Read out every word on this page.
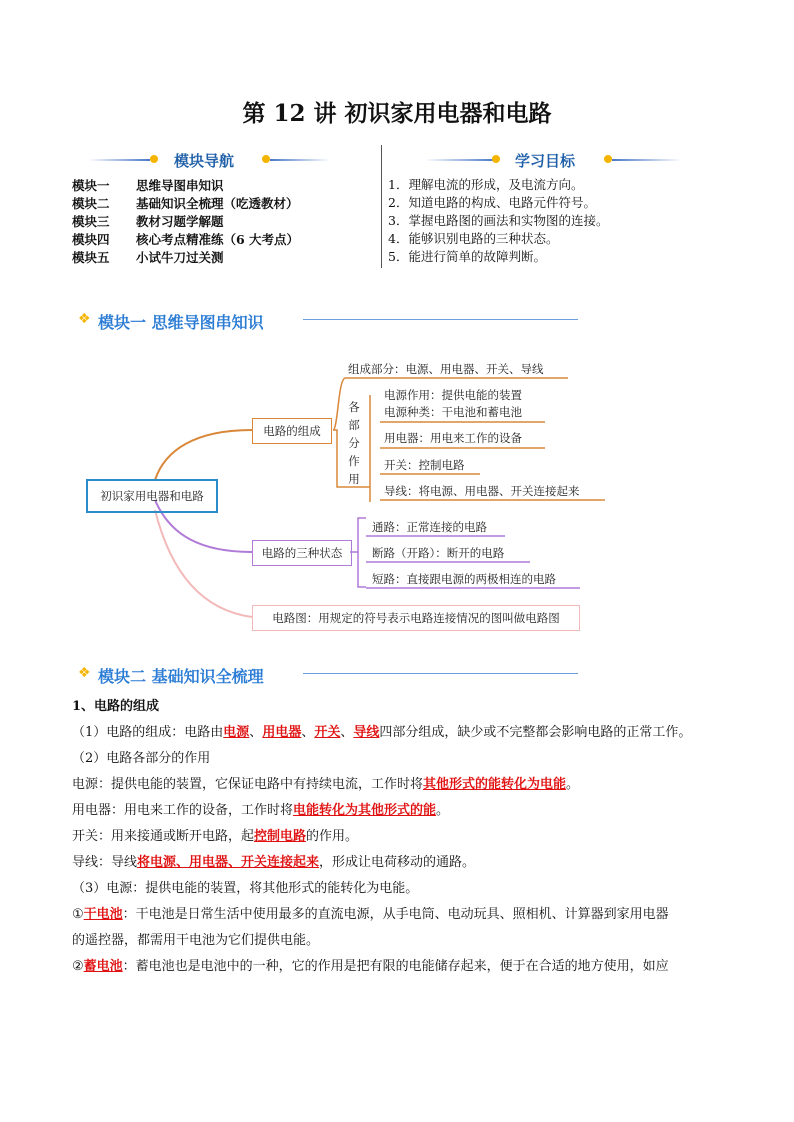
第 12 讲 初识家用电器和电路
模块导航
模块一 思维导图串知识
模块二 基础知识全梳理（吃透教材）
模块三 教材习题学解题
模块四 核心考点精准练（6 大考点）
模块五 小试牛刀过关测
学习目标
1．理解电流的形成，及电流方向。
2．知道电路的构成、电路元件符号。
3．掌握电路图的画法和实物图的连接。
4．能够识别电路的三种状态。
5．能进行简单的故障判断。
❖ 模块一 思维导图串知识
初识家用电器和电路
电路的组成
组成部分：电源、用电器、开关、导线
各
部
分
作
用
电源作用：提供电能的装置
电源种类：干电池和蓄电池
用电器：用电来工作的设备
开关：控制电路
导线：将电源、用电器、开关连接起来
电路的三种状态
通路：正常连接的电路
断路（开路）：断开的电路
短路：直接跟电源的两极相连的电路
电路图：用规定的符号表示电路连接情况的图叫做电路图
❖ 模块二 基础知识全梳理
1、电路的组成
（1）电路的组成：电路由电源、用电器、开关、导线四部分组成，缺少或不完整都会影响电路的正常工作。
（2）电路各部分的作用
电源：提供电能的装置，它保证电路中有持续电流，工作时将其他形式的能转化为电能。
用电器：用电来工作的设备，工作时将电能转化为其他形式的能。
开关：用来接通或断开电路，起控制电路的作用。
导线：导线将电源、用电器、开关连接起来，形成让电荷移动的通路。
（3）电源：提供电能的装置，将其他形式的能转化为电能。
①干电池：干电池是日常生活中使用最多的直流电源，从手电筒、电动玩具、照相机、计算器到家用电器
的遥控器，都需用干电池为它们提供电能。
②蓄电池：蓄电池也是电池中的一种，它的作用是把有限的电能储存起来，便于在合适的地方使用，如应
